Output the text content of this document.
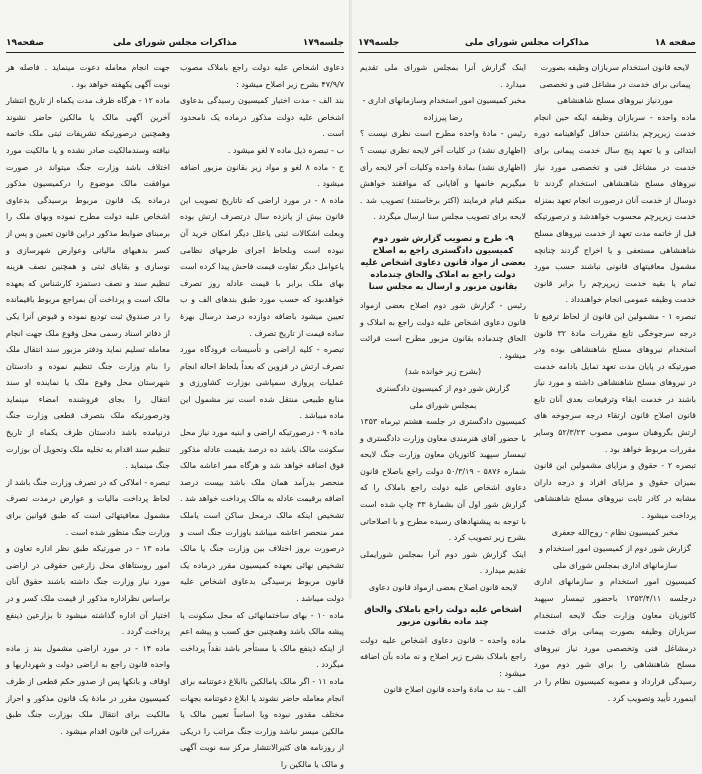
جلسه۱۷۹
مذاکرات مجلس شورای ملی
صفحه۱۹

دعاوی اشخاص علیه دولت راجع باملاک مصوب ۴۷/۹/۷ بشرح زیر اصلاح میشود :

بند الف - مدت اختیار کمیسیون رسیدگی بدعاوی اشخاص علیه دولت مذکور درماده یک نامحدود است .

ب - تبصره ذیل ماده ۷ لغو میشود .

ج - ماده ۸ لغو و مواد زیر بقانون مزبور اضافه میشود .

ماده ۸ - در مورد اراضی که تاتاریخ تصویب این قانون بیش از پانزده سال درتصرف ارتش بوده وبعلت اشکالات ثبتی یاعلل دیگر امکان خرید آن نبوده است وبلحاظ اجرای طرحهای نظامی یاعوامل دیگر تفاوت قیمت فاحش پیدا کرده است بهای ملک برابر با قیمت عادله روز تصرف خواهدبود که حسب مورد طبق بندهای الف و ب تعیین میشود باضافه دوازده درصد درسال بهرهٔ ساده قیمت از تاریخ تصرف .

تبصره - کلیه اراضی و تأسیسات فرودگاه مورد تصرف ارتش در قزوین که بعداً بلحاظ احاله انجام عملیات پروازی سمپاشی بوزارت کشاورزی و منابع طبیعی منتقل شده است نیز مشمول این ماده میباشد .

ماده ۹ - درصورتیکه اراضی و ابنیه مورد نیاز محل سکونت مالک باشد ده درصد بقیمت عادله مذکور فوق اضافه خواهد شد و هرگاه ممر اعاشه مالک منحصر بدرآمد همان ملک باشد بیست درصد اضافه برقیمت عادله به مالک پرداخت خواهد شد . تشخیص اینکه مالک درمحل ساکن است یاملک ممر منحصر اعاشه میباشد باوزارت جنگ است و درصورت بروز اختلاف بین وزارت جنگ یا مالک تشخیص نهائی بعهده کمیسیون مقرر درماده یک قانون مربوط برسیدگی بدعاوی اشخاص علیه دولت میباشد .

ماده ۱۰ - بهای ساختمانهائی که محل سکونت یا پیشه مالک باشد وهمچنین حق کسب و پیشه اعم از اینکه ذینفع مالک یا مستأجر باشد نقداً پرداخت میگردد .

ماده ۱۱ - اگر مالک یامالکین باابلاغ دعوتنامه برای انجام معامله حاضر نشوند یا ابلاغ دعوتنامه بجهات مختلف مقدور نبوده ویا اساساً تعیین مالک یا مالکین میسر نباشد وزارت جنگ مراتب را دریکی از روزنامه های کثیرالانتشار مرکز سه نوبت آگهی و مالک یا مالکین را

جهت انجام معامله دعوت مینماید . فاصله هر نوبت آگهی یکهفته خواهد بود .

ماده ۱۲ - هرگاه ظرف مدت یکماه از تاریخ انتشار آخرین آگهی مالک یا مالکین حاضر نشوند وهمچنین درصورتیکه تشریفات ثبتی ملک خاتمه نیافته وسندمالکیت صادر نشده و یا مالکیت مورد اختلاف باشد وزارت جنگ میتواند در صورت موافقت مالک موضوع را درکمیسیون مذکور درماده یک قانون مربوط برسیدگی بدعاوی اشخاص علیه دولت مطرح نموده وبهای ملک را برمبنای ضوابط مذکور دراین قانون تعیین و پس از کسر بدهیهای مالیاتی وعوارض شهرسازی و نوسازی و بقایای ثبتی و همچنین نصف هزینه تنظیم سند و نصف دستمزد کارشناس که بعهده مالک است و پرداخت آن بمراجع مربوط باقیمانده را در صندوق ثبت تودیع نموده و قبوض آنرا یکی از دفاتر اسناد رسمی محل وقوع ملک جهت انجام معامله تسلیم نماید ودفتر مزبور سند انتقال ملک را بنام وزارت جنگ تنظیم نموده و دادستان شهرستان محل وقوع ملک یا نماینده او سند انتقال را بجای فروشنده امضاء مینماید ودرصورتیکه ملک بتصرف قطعی وزارت جنگ درنیامده باشد دادستان ظرف یکماه از تاریخ تنظیم سند اقدام به تخلیه ملک وتحویل آن بوزارت جنگ مینماید .

تبصره - املاکی که در تصرف وزارت جنگ باشد از لحاظ پرداخت مالیات و عوارض درمدت تصرف مشمول معافیتهائی است که طبق قوانین برای وزارت جنگ منظور شده است .

ماده ۱۳ - در صورتیکه طبق نظر اداره تعاون و امور روستاهای محل زارعین حقوقی در اراضی مورد نیاز وزارت جنگ داشته باشند حقوق آنان براساس نظراداره مذکور از قیمت ملک کسر و در اختیار آن اداره گذاشته میشود تا بزارعین ذینفع پرداخت گردد .

ماده ۱۴ - در مورد اراضی مشمول بند ز ماده واحده قانون راجع به اراضی دولت و شهرداریها و اوقاف و بانکها پس از صدور حکم قطعی از طرف کمیسیون مقرر در مادهٔ یک قانون مذکور و احراز مالکیت برای انتقال ملک بوزارت جنگ طبق مقررات این قانون اقدام میشود .

صفحه ۱۸
مذاکرات مجلس شورای ملی
جلسه۱۷۹

لایحه قانون استخدام سربازان وظیفه بصورت پیمانی برای خدمت در مشاغل فنی و تخصصی موردنیاز نیروهای مسلح شاهنشاهی

ماده واحده - سربازان وظیفه ایکه حین انجام خدمت زیرپرچم بداشتن حداقل گواهینامه دوره ابتدائی و یا تعهد پنج سال خدمت پیمانی برای خدمت در مشاغل فنی و تخصصی مورد نیاز نیروهای مسلح شاهنشاهی استخدام گردند تا دوسال از خدمت آنان درصورت انجام تعهد بمنزله خدمت زیرپرچم محسوب خواهدشد و درصورتیکه قبل از خاتمه مدت تعهد از خدمت نیروهای مسلح شاهنشاهی مستعفی و یا اخراج گردند چنانچه مشمول معافیتهای قانونی نباشند حسب مورد تمام یا بقیه خدمت زیرپرچم را برابر قانون خدمت وظیفه عمومی انجام خواهندداد .

تبصره ۱ - مشمولین این قانون از لحاظ ترفیع تا درجه سرجوخگی تابع مقررات مادهٔ ۳۲ قانون استخدام نیروهای مسلح شاهنشاهی بوده ودر صورتیکه در پایان مدت تعهد تمایل بادامه خدمت در نیروهای مسلح شاهنشاهی داشته و مورد نیاز باشند در خدمت ابقاء وترفیعات بعدی آنان تابع قانون اصلاح قانون ارتقاء درجه سرجوخه های ارتش بگروهبان سومی مصوب ۵۲/۳/۲۳ وسایر مقررات مربوط خواهد بود .

تبصره ۲ - حقوق و مزایای مشمولین این قانون بمیزان حقوق و مزایای افراد و درجه داران مشابه در کادر ثابت نیروهای مسلح شاهنشاهی پرداخت میشود .

مخبر کمیسیون نظام - روح‌الله جعفری

گزارش شور دوم از کمیسیون امور استخدام و سازمانهای اداری بمجلس شورای ملی

کمیسیون امور استخدام و سازمانهای اداری درجلسه ۱۳۵۳/۴/۱۱ باحضور تیمسار سپهبد کاتوزیان معاون وزارت جنگ لایحه استخدام سربازان وظیفه بصورت پیمانی برای خدمت درمشاغل فنی وتخصصی مورد نیاز نیروهای مسلح شاهنشاهی را برای شور دوم مورد رسیدگی قرارداد و مصوبه کمیسیون نظام را در اینمورد تأیید وتصویب کرد .

اینک گزارش آنرا بمجلس شورای ملی تقدیم میدارد .

مخبر کمیسیون امور استخدام وسازمانهای اداری -

رضا پیرزاده

رئیس - مادهٔ واحده مطرح است نظری نیست ؟ (اظهاری نشد) در کلیات آخر لایحه نظری نیست ؟ (اظهاری نشد) بمادهٔ واحده وکلیات آخر لایحه رأی میگیریم خانمها و آقایانی که موافقند خواهش میکنم قیام فرمایند (اکثر برخاستند) تصویب شد . لایحه برای تصویب مجلس سنا ارسال میگردد .

۹- طرح و تصویب گزارش شور دوم کمیسیون دادگستری راجع به اصلاح بعضی از مواد قانون دعاوی اشخاص علیه دولت راجع به املاک والحاق چندماده بقانون مزبور و ارسال به مجلس سنا

رئیس - گزارش شور دوم اصلاح بعضی ازمواد قانون دعاوی اشخاص علیه دولت راجع به املاک و الحاق چندماده بقانون مزبور مطرح است قرائت میشود .

(بشرح زیر خوانده شد)

گزارش شور دوم از کمیسیون دادگستری

بمجلس شورای ملی

کمیسیون دادگستری در جلسه هشتم تیرماه ۱۳۵۳ با حضور آقای هنرمندی معاون وزارت دادگستری و تیمسار سپهبد کاتوزیان معاون وزارت جنگ لایحه شماره ۵۸۷۶ - ۵۰/۳/۱۹ دولت راجع باصلاح قانون دعاوی اشخاص علیه دولت راجع باملاک را که گزارش شور اول آن بشمارهٔ ۳۳ چاپ شده است با توجه به پیشنهادهای رسیده مطرح و با اصلاحاتی بشرح زیر تصویب کرد .

اینک گزارش شور دوم آنرا بمجلس شورایملی تقدیم میدارد .

لایحه قانون اصلاح بعضی ازمواد قانون دعاوی

اشخاص علیه دولت راجع باملاک والحاق چند ماده بقانون مزبور

ماده واحده - قانون دعاوی اشخاص علیه دولت راجع باملاک بشرح زیر اصلاح و نه ماده بآن اضافه میشود :

الف - بند ب مادهٔ واحده قانون اصلاح قانون
